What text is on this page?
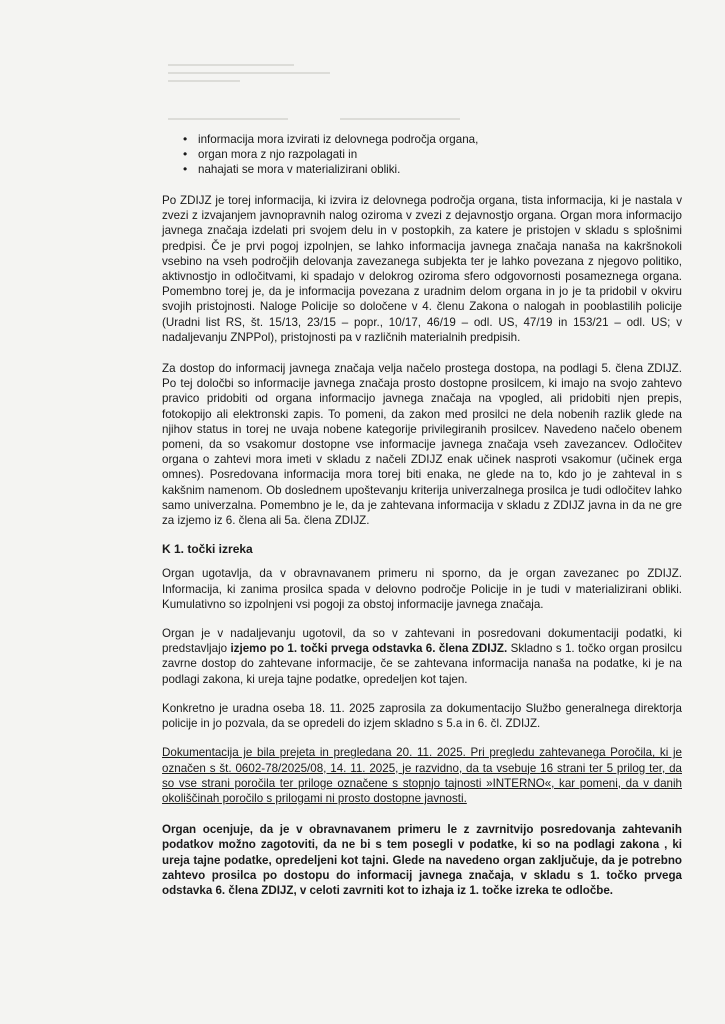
• informacija mora izvirati iz delovnega področja organa,
• organ mora z njo razpolagati in
• nahajati se mora v materializirani obliki.

Po ZDIJZ je torej informacija, ki izvira iz delovnega področja organa, tista informacija, ki je nastala v zvezi z izvajanjem javnopravnih nalog oziroma v zvezi z dejavnostjo organa. Organ mora informacijo javnega značaja izdelati pri svojem delu in v postopkih, za katere je pristojen v skladu s splošnimi predpisi. Če je prvi pogoj izpolnjen, se lahko informacija javnega značaja nanaša na kakršnokoli vsebino na vseh področjih delovanja zavezanega subjekta ter je lahko povezana z njegovo politiko, aktivnostjo in odločitvami, ki spadajo v delokrog oziroma sfero odgovornosti posameznega organa. Pomembno torej je, da je informacija povezana z uradnim delom organa in jo je ta pridobil v okviru svojih pristojnosti. Naloge Policije so določene v 4. členu Zakona o nalogah in pooblastilih policije (Uradni list RS, št. 15/13, 23/15 – popr., 10/17, 46/19 – odl. US, 47/19 in 153/21 – odl. US; v nadaljevanju ZNPPol), pristojnosti pa v različnih materialnih predpisih.

Za dostop do informacij javnega značaja velja načelo prostega dostopa, na podlagi 5. člena ZDIJZ. Po tej določbi so informacije javnega značaja prosto dostopne prosilcem, ki imajo na svojo zahtevo pravico pridobiti od organa informacijo javnega značaja na vpogled, ali pridobiti njen prepis, fotokopijo ali elektronski zapis. To pomeni, da zakon med prosilci ne dela nobenih razlik glede na njihov status in torej ne uvaja nobene kategorije privilegiranih prosilcev. Navedeno načelo obenem pomeni, da so vsakomur dostopne vse informacije javnega značaja vseh zavezancev. Odločitev organa o zahtevi mora imeti v skladu z načeli ZDIJZ enak učinek nasproti vsakomur (učinek erga omnes). Posredovana informacija mora torej biti enaka, ne glede na to, kdo jo je zahteval in s kakšnim namenom. Ob doslednem upoštevanju kriterija univerzalnega prosilca je tudi odločitev lahko samo univerzalna. Pomembno je le, da je zahtevana informacija v skladu z ZDIJZ javna in da ne gre za izjemo iz 6. člena ali 5a. člena ZDIJZ.

K 1. točki izreka

Organ ugotavlja, da v obravnavanem primeru ni sporno, da je organ zavezanec po ZDIJZ. Informacija, ki zanima prosilca spada v delovno področje Policije in je tudi v materializirani obliki. Kumulativno so izpolnjeni vsi pogoji za obstoj informacije javnega značaja.

Organ je v nadaljevanju ugotovil, da so v zahtevani in posredovani dokumentaciji podatki, ki predstavljajo izjemo po 1. točki prvega odstavka 6. člena ZDIJZ. Skladno s 1. točko organ prosilcu zavrne dostop do zahtevane informacije, če se zahtevana informacija nanaša na podatke, ki je na podlagi zakona, ki ureja tajne podatke, opredeljen kot tajen.

Konkretno je uradna oseba 18. 11. 2025 zaprosila za dokumentacijo Službo generalnega direktorja policije in jo pozvala, da se opredeli do izjem skladno s 5.a in 6. čl. ZDIJZ.

Dokumentacija je bila prejeta in pregledana 20. 11. 2025. Pri pregledu zahtevanega Poročila, ki je označen s št. 0602-78/2025/08, 14. 11. 2025, je razvidno, da ta vsebuje 16 strani ter 5 prilog ter, da so vse strani poročila ter priloge označene s stopnjo tajnosti »INTERNO«, kar pomeni, da v danih okoliščinah poročilo s prilogami ni prosto dostopne javnosti.

Organ ocenjuje, da je v obravnavanem primeru le z zavrnitvijo posredovanja zahtevanih podatkov možno zagotoviti, da ne bi s tem posegli v podatke, ki so na podlagi zakona , ki ureja tajne podatke, opredeljeni kot tajni. Glede na navedeno organ zaključuje, da je potrebno zahtevo prosilca po dostopu do informacij javnega značaja, v skladu s 1. točko prvega odstavka 6. člena ZDIJZ, v celoti zavrniti kot to izhaja iz 1. točke izreka te odločbe.
